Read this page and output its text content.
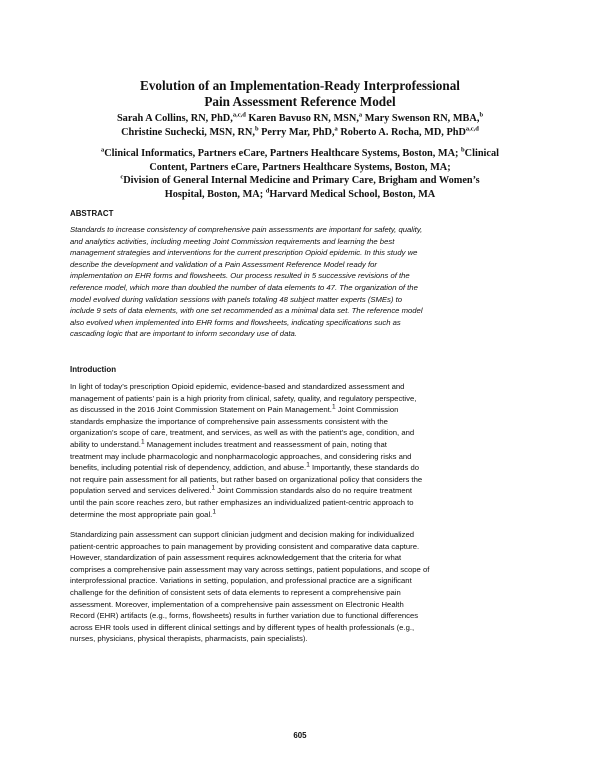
Evolution of an Implementation-Ready Interprofessional
Pain Assessment Reference Model
Sarah A Collins, RN, PhD,$^{a,c,d}$ Karen Bavuso RN, MSN,$^a$ Mary Swenson RN, MBA,$^b$
Christine Suchecki, MSN, RN,$^b$ Perry Mar, PhD,$^a$ Roberto A. Rocha, MD, PhD$^{a,c,d}$
$^a$Clinical Informatics, Partners eCare, Partners Healthcare Systems, Boston, MA; $^b$Clinical
Content, Partners eCare, Partners Healthcare Systems, Boston, MA;
$^c$Division of General Internal Medicine and Primary Care, Brigham and Women’s
Hospital, Boston, MA; $^d$Harvard Medical School, Boston, MA
ABSTRACT
Standards to increase consistency of comprehensive pain assessments are important for safety, quality,
and analytics activities, including meeting Joint Commission requirements and learning the best
management strategies and interventions for the current prescription Opioid epidemic. In this study we
describe the development and validation of a Pain Assessment Reference Model ready for
implementation on EHR forms and flowsheets. Our process resulted in 5 successive revisions of the
reference model, which more than doubled the number of data elements to 47. The organization of the
model evolved during validation sessions with panels totaling 48 subject matter experts (SMEs) to
include 9 sets of data elements, with one set recommended as a minimal data set. The reference model
also evolved when implemented into EHR forms and flowsheets, indicating specifications such as
cascading logic that are important to inform secondary use of data.
Introduction
In light of today’s prescription Opioid epidemic, evidence-based and standardized assessment and
management of patients’ pain is a high priority from clinical, safety, quality, and regulatory perspective,
as discussed in the 2016 Joint Commission Statement on Pain Management.$^1$ Joint Commission
standards emphasize the importance of comprehensive pain assessments consistent with the
organization’s scope of care, treatment, and services, as well as with the patient’s age, condition, and
ability to understand.$^1$ Management includes treatment and reassessment of pain, noting that
treatment may include pharmacologic and nonpharmacologic approaches, and considering risks and
benefits, including potential risk of dependency, addiction, and abuse.$^1$ Importantly, these standards do
not require pain assessment for all patients, but rather based on organizational policy that considers the
population served and services delivered.$^1$ Joint Commission standards also do no require treatment
until the pain score reaches zero, but rather emphasizes an individualized patient-centric approach to
determine the most appropriate pain goal.$^1$
Standardizing pain assessment can support clinician judgment and decision making for individualized
patient-centric approaches to pain management by providing consistent and comparative data capture.
However, standardization of pain assessment requires acknowledgement that the criteria for what
comprises a comprehensive pain assessment may vary across settings, patient populations, and scope of
interprofessional practice. Variations in setting, population, and professional practice are a significant
challenge for the definition of consistent sets of data elements to represent a comprehensive pain
assessment. Moreover, implementation of a comprehensive pain assessment on Electronic Health
Record (EHR) artifacts (e.g., forms, flowsheets) results in further variation due to functional differences
across EHR tools used in different clinical settings and by different types of health professionals (e.g.,
nurses, physicians, physical therapists, pharmacists, pain specialists).
605
